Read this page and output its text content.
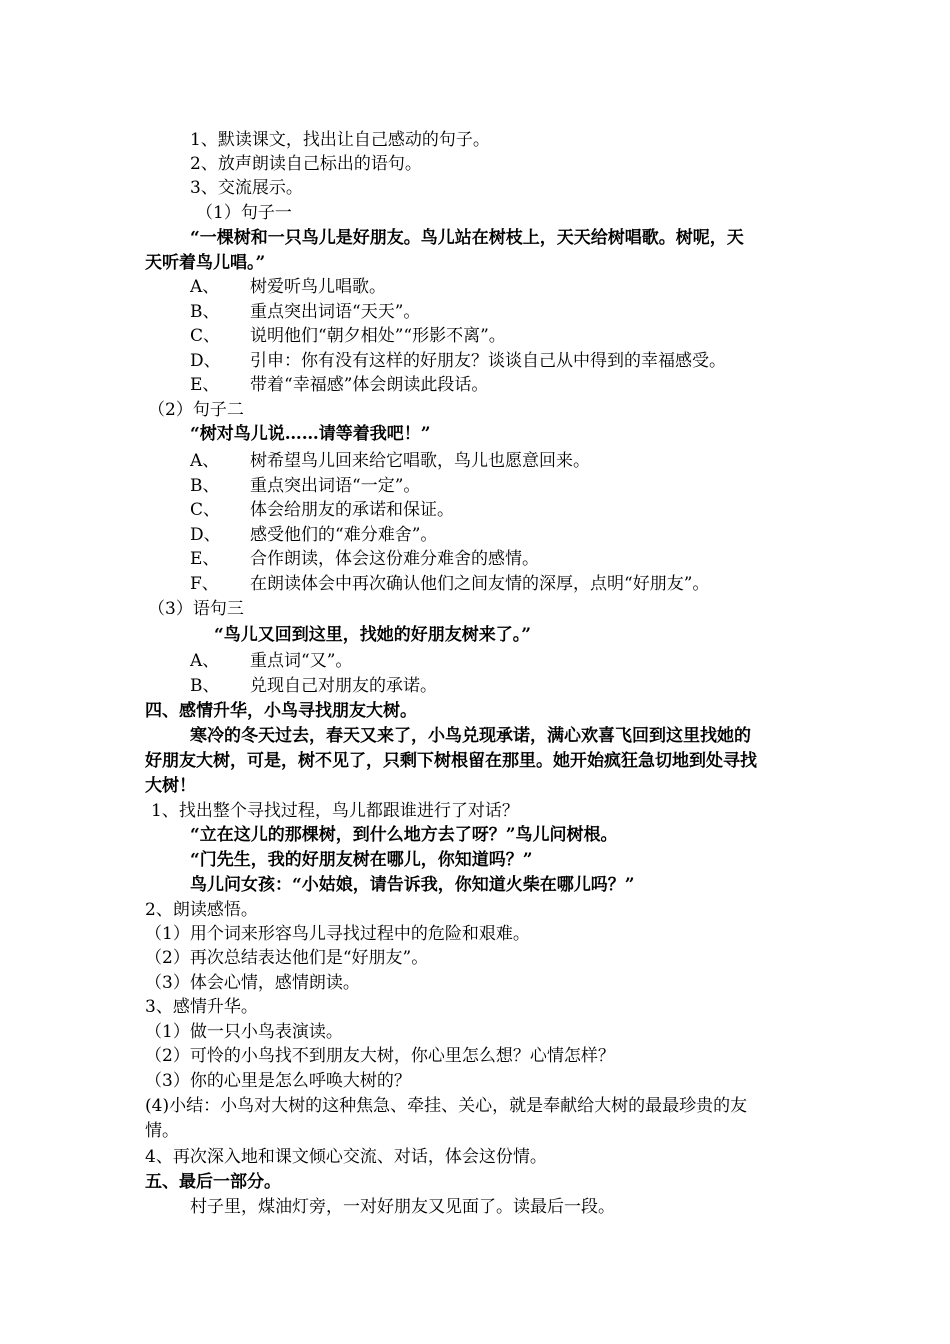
1、默读课文，找出让自己感动的句子。
2、放声朗读自己标出的语句。
3、交流展示。
（1）句子一
“一棵树和一只鸟儿是好朋友。鸟儿站在树枝上，天天给树唱歌。树呢，天
天听着鸟儿唱。”
A、 树爱听鸟儿唱歌。
B、 重点突出词语“天天”。
C、 说明他们“朝夕相处”“形影不离”。
D、 引申：你有没有这样的好朋友？谈谈自己从中得到的幸福感受。
E、 带着“幸福感”体会朗读此段话。
（2）句子二
“树对鸟儿说……请等着我吧！”
A、 树希望鸟儿回来给它唱歌，鸟儿也愿意回来。
B、 重点突出词语“一定”。
C、 体会给朋友的承诺和保证。
D、 感受他们的“难分难舍”。
E、 合作朗读，体会这份难分难舍的感情。
F、 在朗读体会中再次确认他们之间友情的深厚，点明“好朋友”。
（3）语句三
“鸟儿又回到这里，找她的好朋友树来了。”
A、 重点词“又”。
B、 兑现自己对朋友的承诺。
四、感情升华，小鸟寻找朋友大树。
寒冷的冬天过去，春天又来了，小鸟兑现承诺，满心欢喜飞回到这里找她的
好朋友大树，可是，树不见了，只剩下树根留在那里。她开始疯狂急切地到处寻找
大树！
1、找出整个寻找过程，鸟儿都跟谁进行了对话？
“立在这儿的那棵树，到什么地方去了呀？”鸟儿问树根。
“门先生，我的好朋友树在哪儿，你知道吗？”
鸟儿问女孩：“小姑娘，请告诉我，你知道火柴在哪儿吗？”
2、朗读感悟。
（1）用个词来形容鸟儿寻找过程中的危险和艰难。
（2）再次总结表达他们是“好朋友”。
（3）体会心情，感情朗读。
3、感情升华。
（1）做一只小鸟表演读。
（2）可怜的小鸟找不到朋友大树，你心里怎么想？心情怎样？
（3）你的心里是怎么呼唤大树的？
(4)小结：小鸟对大树的这种焦急、牵挂、关心，就是奉献给大树的最最珍贵的友
情。
4、再次深入地和课文倾心交流、对话，体会这份情。
五、最后一部分。
村子里，煤油灯旁，一对好朋友又见面了。读最后一段。
